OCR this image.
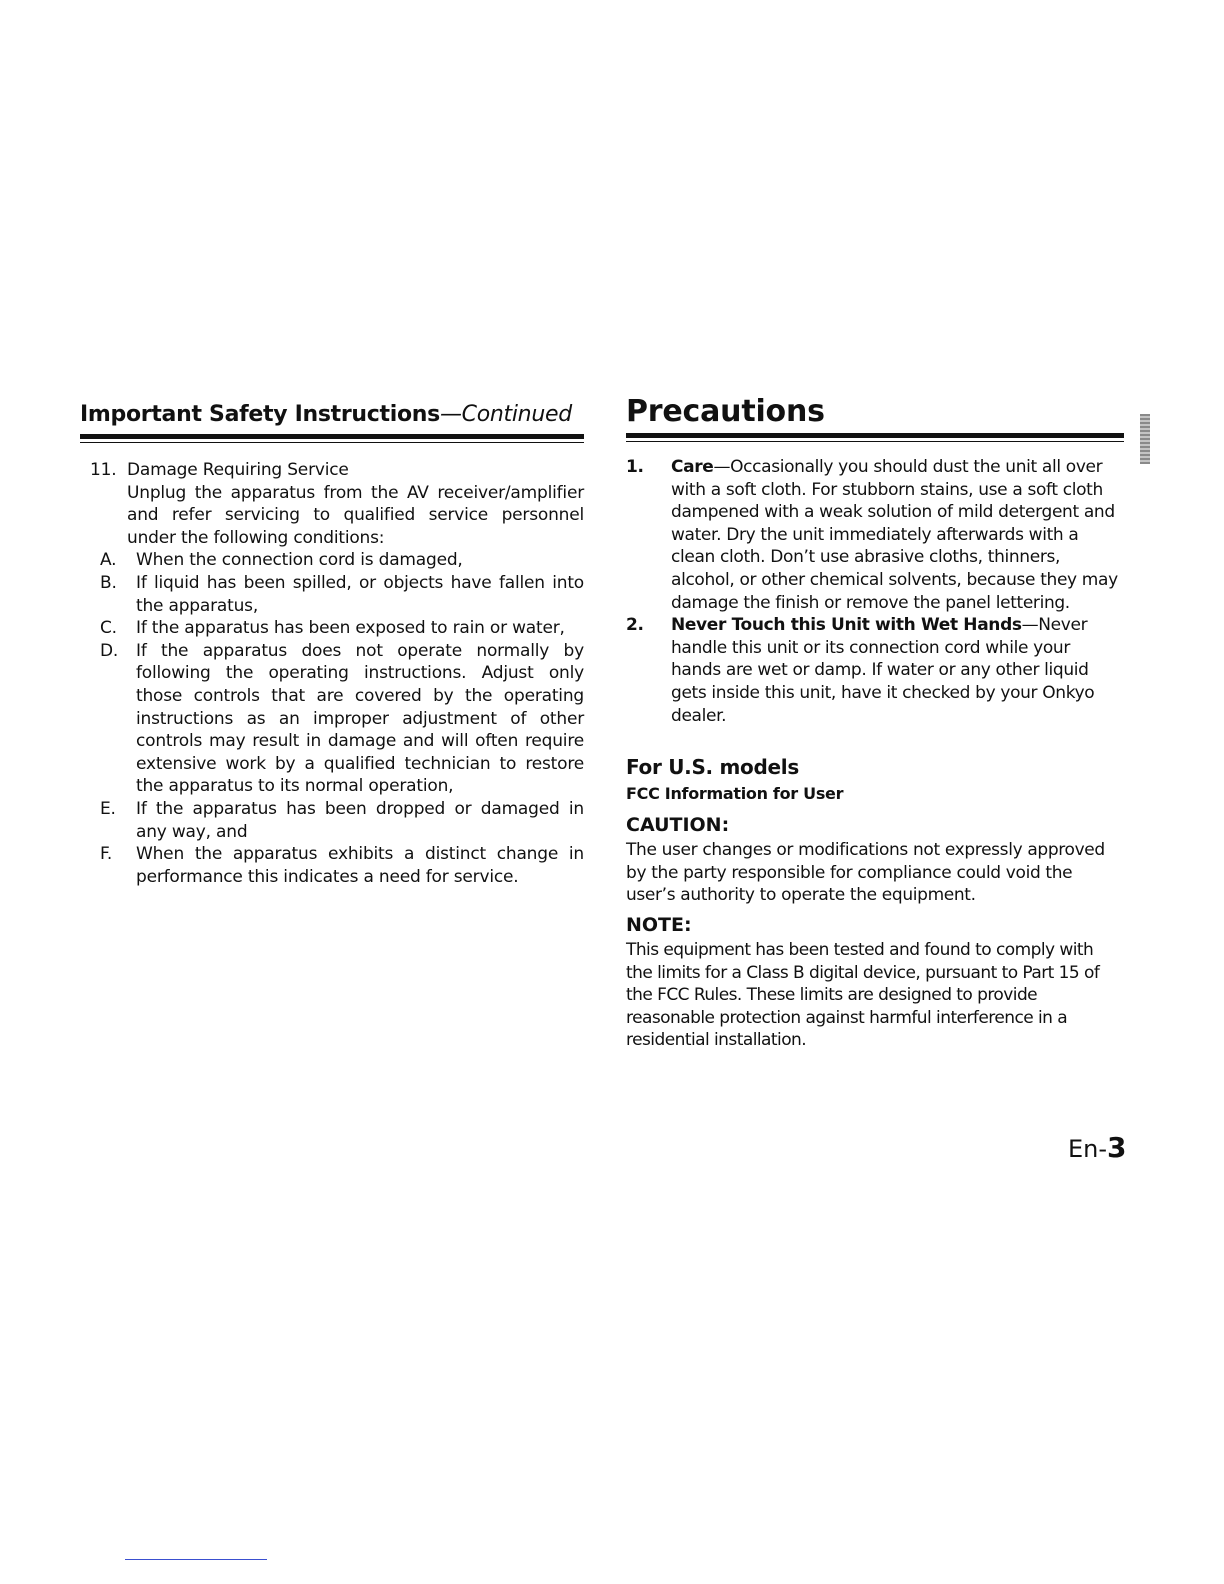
Important Safety Instructions—Continued
11. Damage Requiring Service
Unplug the apparatus from the AV receiver/amplifier and refer servicing to qualified service personnel under the following conditions:
A.	When the connection cord is damaged,
B.	If liquid has been spilled, or objects have fallen into the apparatus,
C.	If the apparatus has been exposed to rain or water,
D.	If the apparatus does not operate normally by following the operating instructions. Adjust only those controls that are covered by the operating instructions as an improper adjustment of other controls may result in damage and will often require extensive work by a qualified technician to restore the apparatus to its normal operation,
E.	If the apparatus has been dropped or damaged in any way, and
F.	When the apparatus exhibits a distinct change in performance this indicates a need for service.
Precautions
1.	Care—Occasionally you should dust the unit all over with a soft cloth. For stubborn stains, use a soft cloth dampened with a weak solution of mild detergent and water. Dry the unit immediately afterwards with a clean cloth. Don’t use abrasive cloths, thinners, alcohol, or other chemical solvents, because they may damage the finish or remove the panel lettering.
2.	Never Touch this Unit with Wet Hands—Never handle this unit or its connection cord while your hands are wet or damp. If water or any other liquid gets inside this unit, have it checked by your Onkyo dealer.
For U.S. models
FCC Information for User
CAUTION:
The user changes or modifications not expressly approved by the party responsible for compliance could void the user’s authority to operate the equipment.
NOTE:
This equipment has been tested and found to comply with the limits for a Class B digital device, pursuant to Part 15 of the FCC Rules. These limits are designed to provide reasonable protection against harmful interference in a residential installation.
En-3
